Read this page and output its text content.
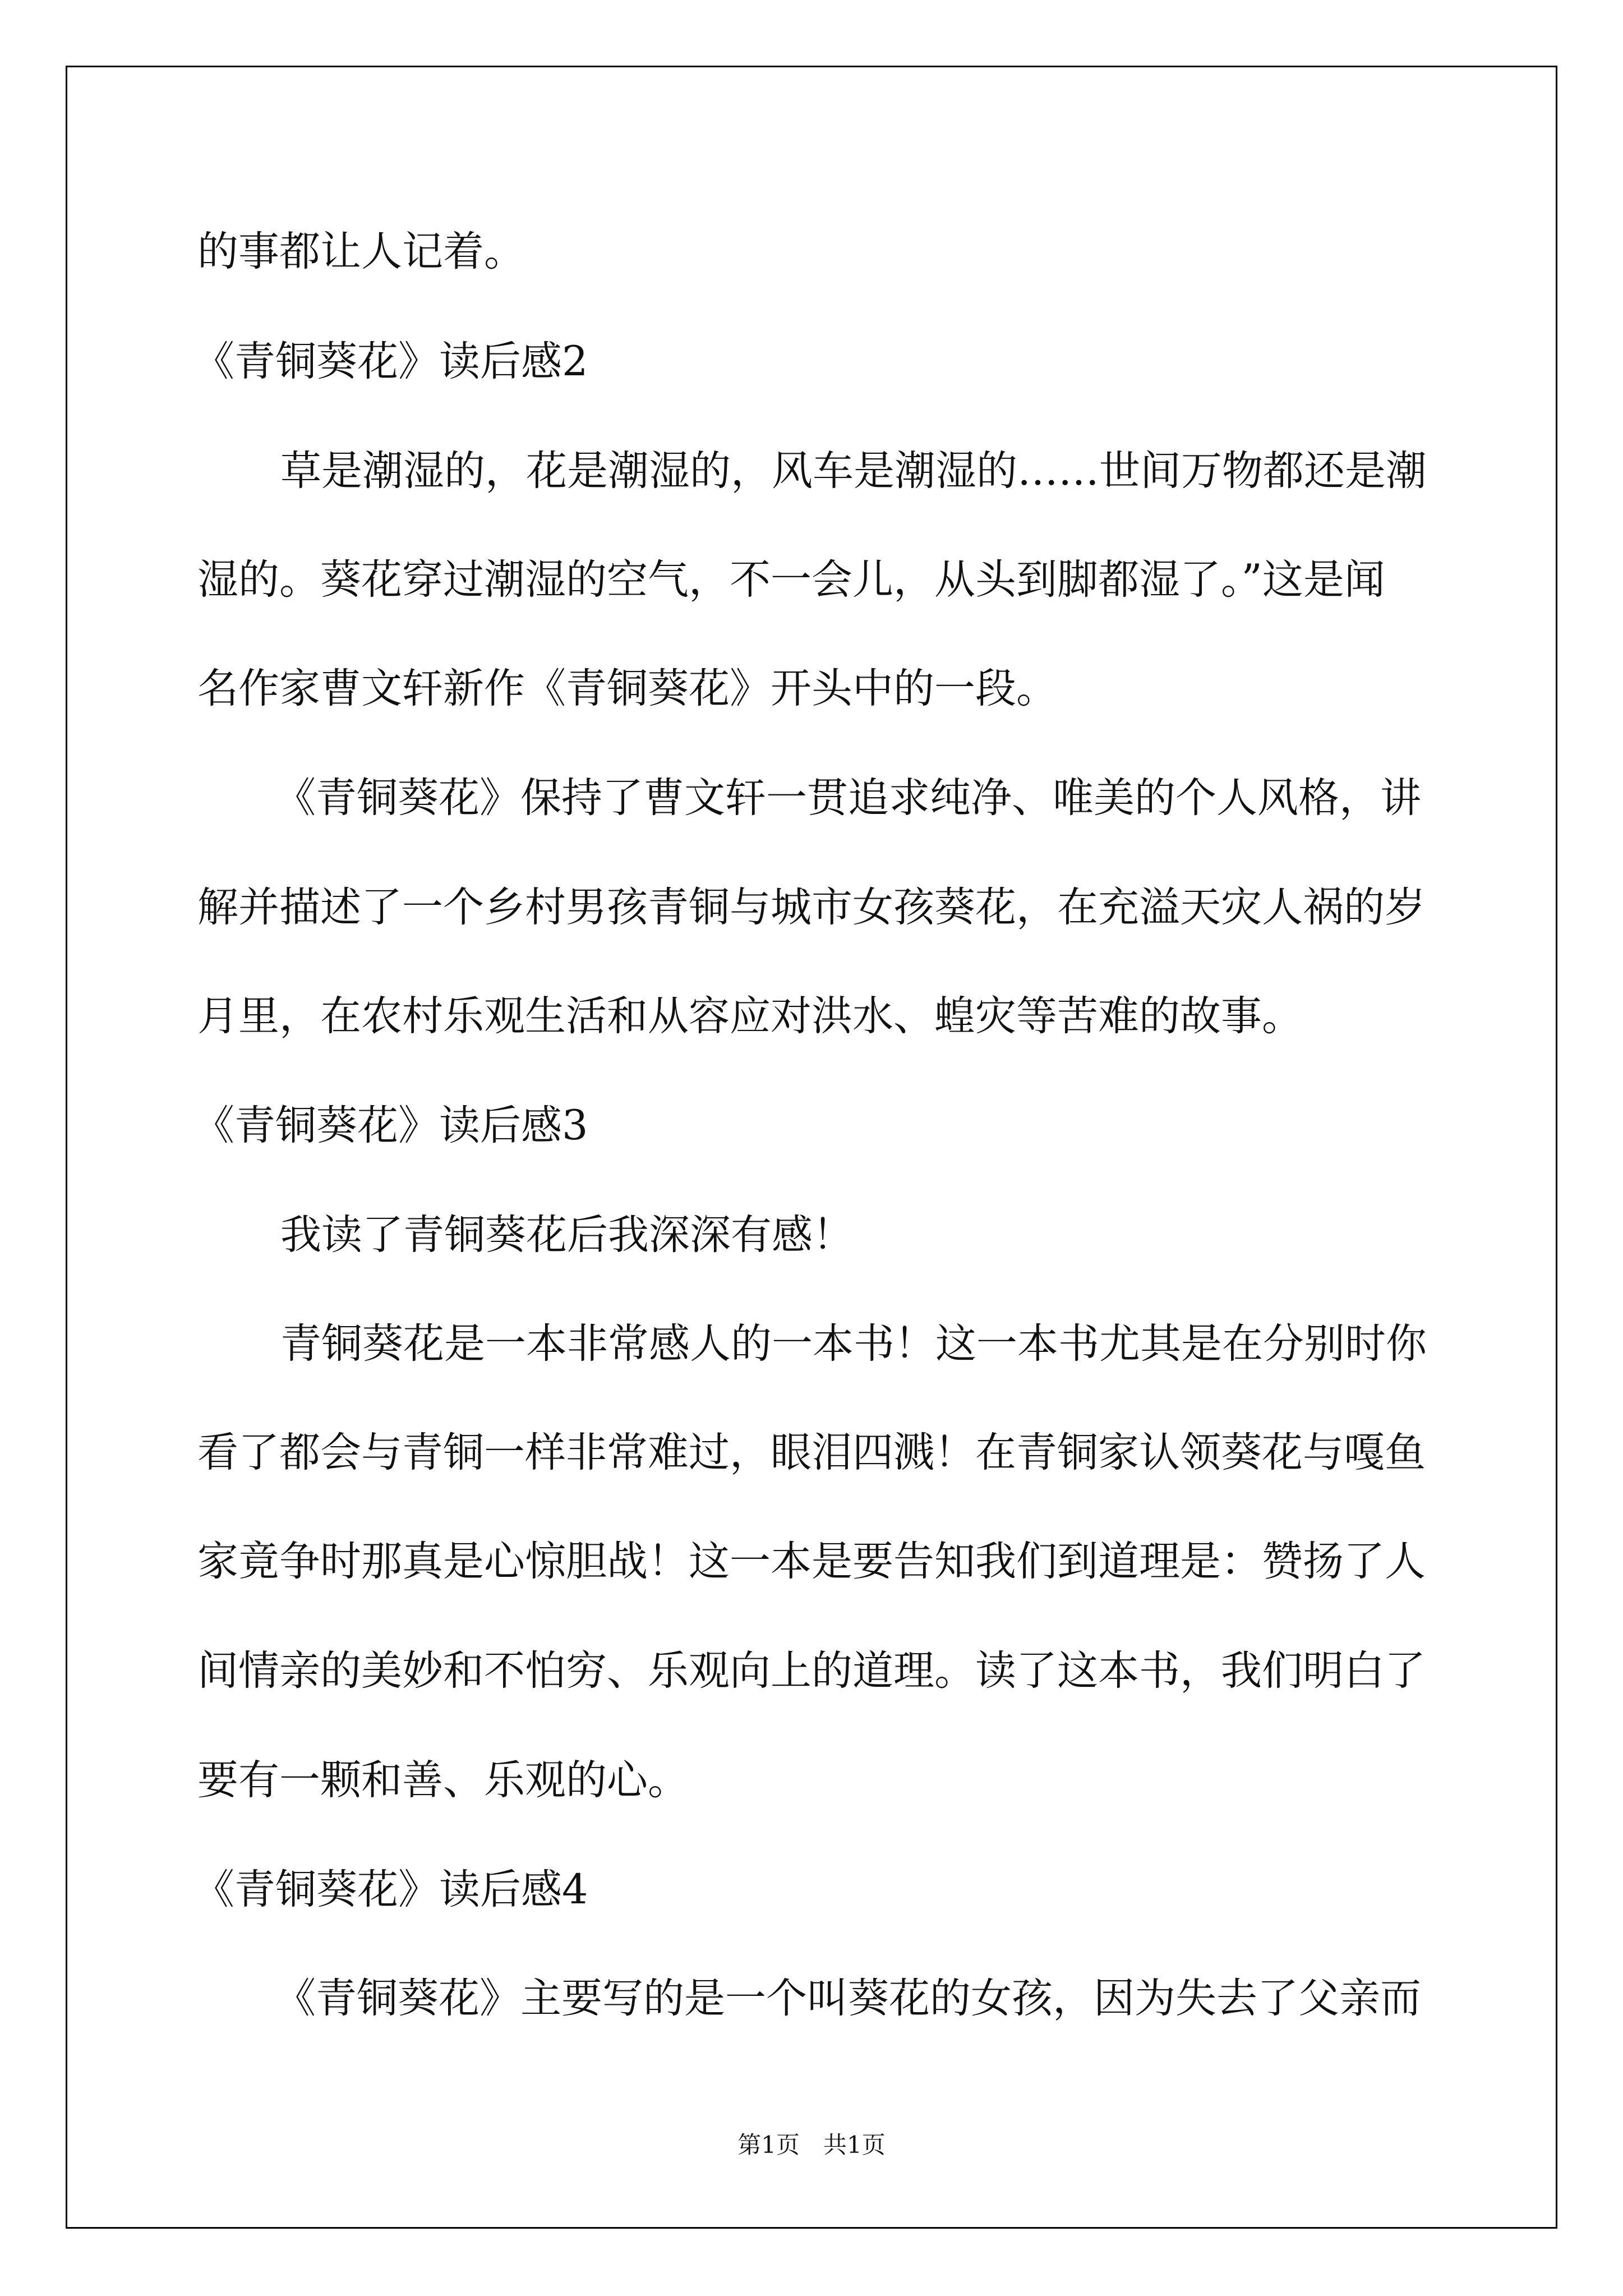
的事都让人记着。
《青铜葵花》读后感2
草是潮湿的，花是潮湿的，风车是潮湿的……世间万物都还是潮
湿的。葵花穿过潮湿的空气，不一会儿，从头到脚都湿了。”这是闻
名作家曹文轩新作《青铜葵花》开头中的一段。
《青铜葵花》保持了曹文轩一贯追求纯净、唯美的个人风格，讲
解并描述了一个乡村男孩青铜与城市女孩葵花，在充溢天灾人祸的岁
月里，在农村乐观生活和从容应对洪水、蝗灾等苦难的故事。
《青铜葵花》读后感3
我读了青铜葵花后我深深有感！
青铜葵花是一本非常感人的一本书！这一本书尤其是在分别时你
看了都会与青铜一样非常难过，眼泪四溅！在青铜家认领葵花与嘎鱼
家竟争时那真是心惊胆战！这一本是要告知我们到道理是：赞扬了人
间情亲的美妙和不怕穷、乐观向上的道理。读了这本书，我们明白了
要有一颗和善、乐观的心。
《青铜葵花》读后感4
《青铜葵花》主要写的是一个叫葵花的女孩，因为失去了父亲而
第1页　共1页
